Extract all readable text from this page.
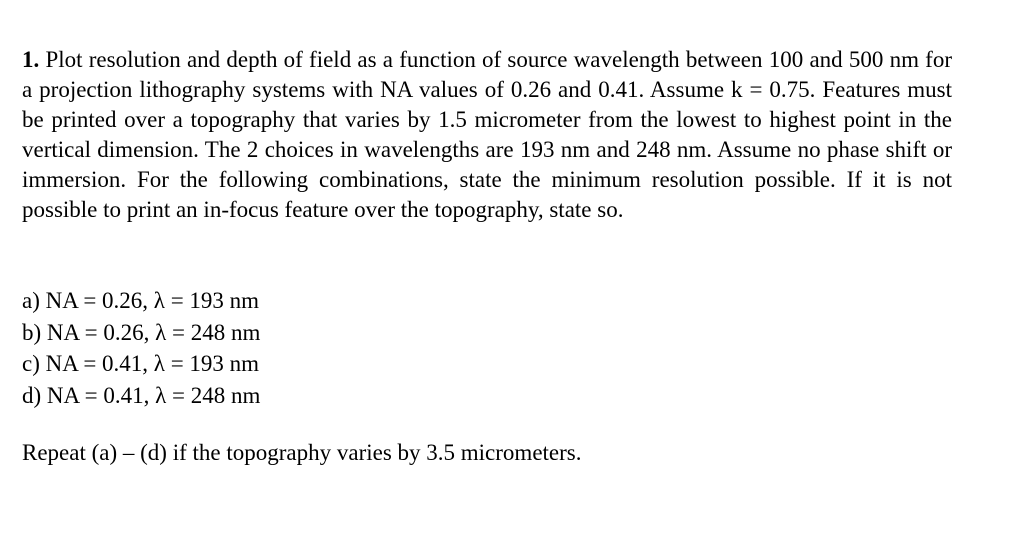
1. Plot resolution and depth of field as a function of source wavelength between 100 and 500 nm for a projection lithography systems with NA values of 0.26 and 0.41. Assume k = 0.75. Features must be printed over a topography that varies by 1.5 micrometer from the lowest to highest point in the vertical dimension. The 2 choices in wavelengths are 193 nm and 248 nm. Assume no phase shift or immersion. For the following combinations, state the minimum resolution possible. If it is not possible to print an in-focus feature over the topography, state so.

a) NA = 0.26, λ = 193 nm
b) NA = 0.26, λ = 248 nm
c) NA = 0.41, λ = 193 nm
d) NA = 0.41, λ = 248 nm

Repeat (a) – (d) if the topography varies by 3.5 micrometers.
